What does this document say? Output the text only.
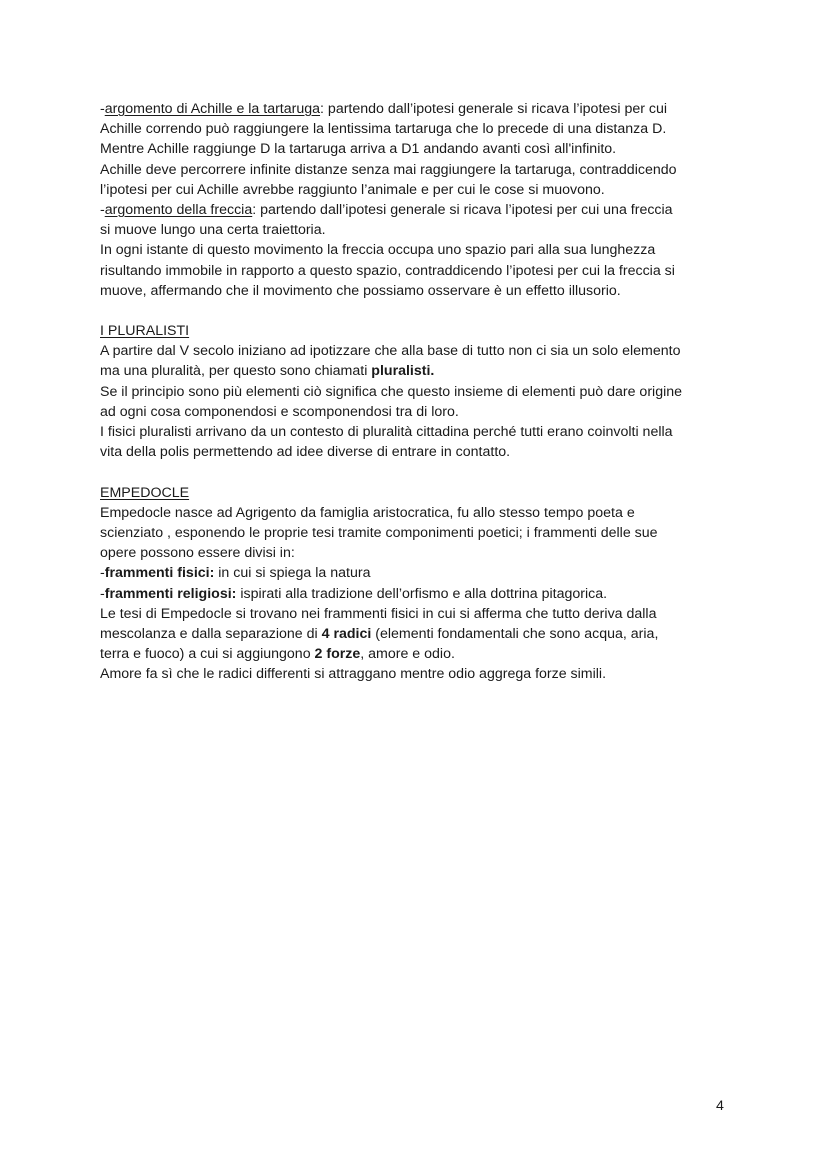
-argomento di Achille e la tartaruga: partendo dall’ipotesi generale si ricava l’ipotesi per cui
Achille correndo può raggiungere la lentissima tartaruga che lo precede di una distanza D.
Mentre Achille raggiunge D la tartaruga arriva a D1 andando avanti così all'infinito.
Achille deve percorrere infinite distanze senza mai raggiungere la tartaruga, contraddicendo
l’ipotesi per cui Achille avrebbe raggiunto l’animale e per cui le cose si muovono.
-argomento della freccia: partendo dall’ipotesi generale si ricava l’ipotesi per cui una freccia
si muove lungo una certa traiettoria.
In ogni istante di questo movimento la freccia occupa uno spazio pari alla sua lunghezza
risultando immobile in rapporto a questo spazio, contraddicendo l’ipotesi per cui la freccia si
muove, affermando che il movimento che possiamo osservare è un effetto illusorio.
I PLURALISTI
A partire dal V secolo iniziano ad ipotizzare che alla base di tutto non ci sia un solo elemento
ma una pluralità, per questo sono chiamati pluralisti.
Se il principio sono più elementi ciò significa che questo insieme di elementi può dare origine
ad ogni cosa componendosi e scomponendosi tra di loro.
I fisici pluralisti arrivano da un contesto di pluralità cittadina perché tutti erano coinvolti nella
vita della polis permettendo ad idee diverse di entrare in contatto.
EMPEDOCLE
Empedocle nasce ad Agrigento da famiglia aristocratica, fu allo stesso tempo poeta e
scienziato , esponendo le proprie tesi tramite componimenti poetici; i frammenti delle sue
opere possono essere divisi in:
-frammenti fisici: in cui si spiega la natura
-frammenti religiosi: ispirati alla tradizione dell’orfismo e alla dottrina pitagorica.
Le tesi di Empedocle si trovano nei frammenti fisici in cui si afferma che tutto deriva dalla
mescolanza e dalla separazione di 4 radici (elementi fondamentali che sono acqua, aria,
terra e fuoco) a cui si aggiungono 2 forze, amore e odio.
Amore fa sì che le radici differenti si attraggano mentre odio aggrega forze simili.
4
